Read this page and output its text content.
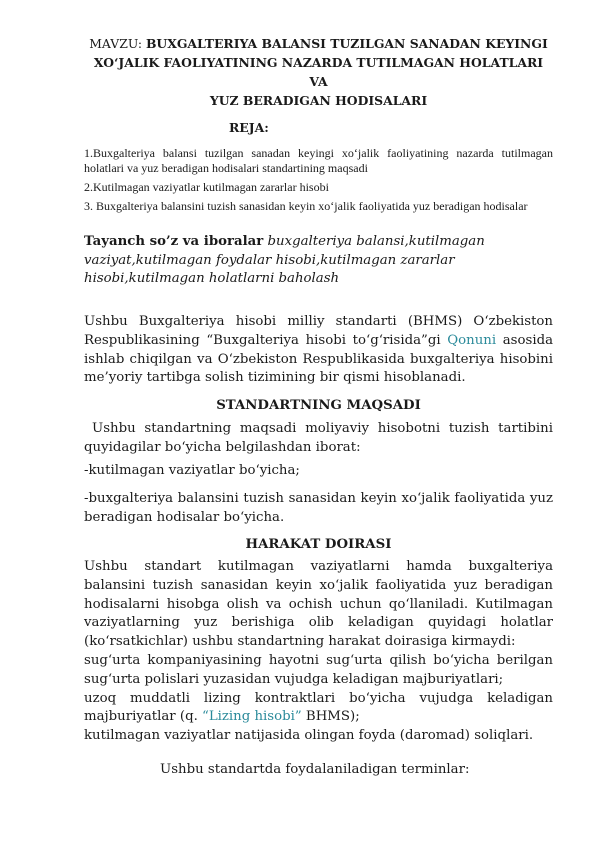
MAVZU: BUXGALTERIYA BALANSI TUZILGAN SANADAN KEYINGI
XO‘JALIK FAOLIYATINING NAZARDA TUTILMAGAN HOLATLARI VA
YUZ BERADIGAN HODISALARI
REJA:

1.Buxgalteriya balansi tuzilgan sanadan keyingi xo‘jalik faoliyatining nazarda tutilmagan holatlari va yuz beradigan hodisalari standartining maqsadi

2.Kutilmagan vaziyatlar kutilmagan zararlar hisobi

3. Buxgalteriya balansini tuzish sanasidan keyin xo‘jalik faoliyatida yuz beradigan hodisalar

Tayanch so’z va iboralar buxgalteriya balansi,kutilmagan vaziyat,kutilmagan foydalar hisobi,kutilmagan zararlar hisobi,kutilmagan holatlarni baholash

Ushbu Buxgalteriya hisobi milliy standarti (BHMS) O‘zbekiston Respublikasining “Buxgalteriya hisobi to‘g‘risida”gi Qonuni asosida ishlab chiqilgan va O‘zbekiston Respublikasida buxgalteriya hisobini me’yoriy tartibga solish tizimining bir qismi hisoblanadi.

STANDARTNING MAQSADI

Ushbu standartning maqsadi moliyaviy hisobotni tuzish tartibini quyidagilar bo‘yicha belgilashdan iborat:

-kutilmagan vaziyatlar bo‘yicha;

-buxgalteriya balansini tuzish sanasidan keyin xo‘jalik faoliyatida yuz beradigan hodisalar bo‘yicha.

HARAKAT DOIRASI

Ushbu standart kutilmagan vaziyatlarni hamda buxgalteriya balansini tuzish sanasidan keyin xo‘jalik faoliyatida yuz beradigan hodisalarni hisobga olish va ochish uchun qo‘llaniladi. Kutilmagan vaziyatlarning yuz berishiga olib keladigan quyidagi holatlar (ko‘rsatkichlar) ushbu standartning harakat doirasiga kirmaydi:

sug‘urta kompaniyasining hayotni sug‘urta qilish bo‘yicha berilgan sug‘urta polislari yuzasidan vujudga keladigan majburiyatlari;

uzoq muddatli lizing kontraktlari bo‘yicha vujudga keladigan majburiyatlar (q. “Lizing hisobi” BHMS);

kutilmagan vaziyatlar natijasida olingan foyda (daromad) soliqlari.

Ushbu standartda foydalaniladigan terminlar:
